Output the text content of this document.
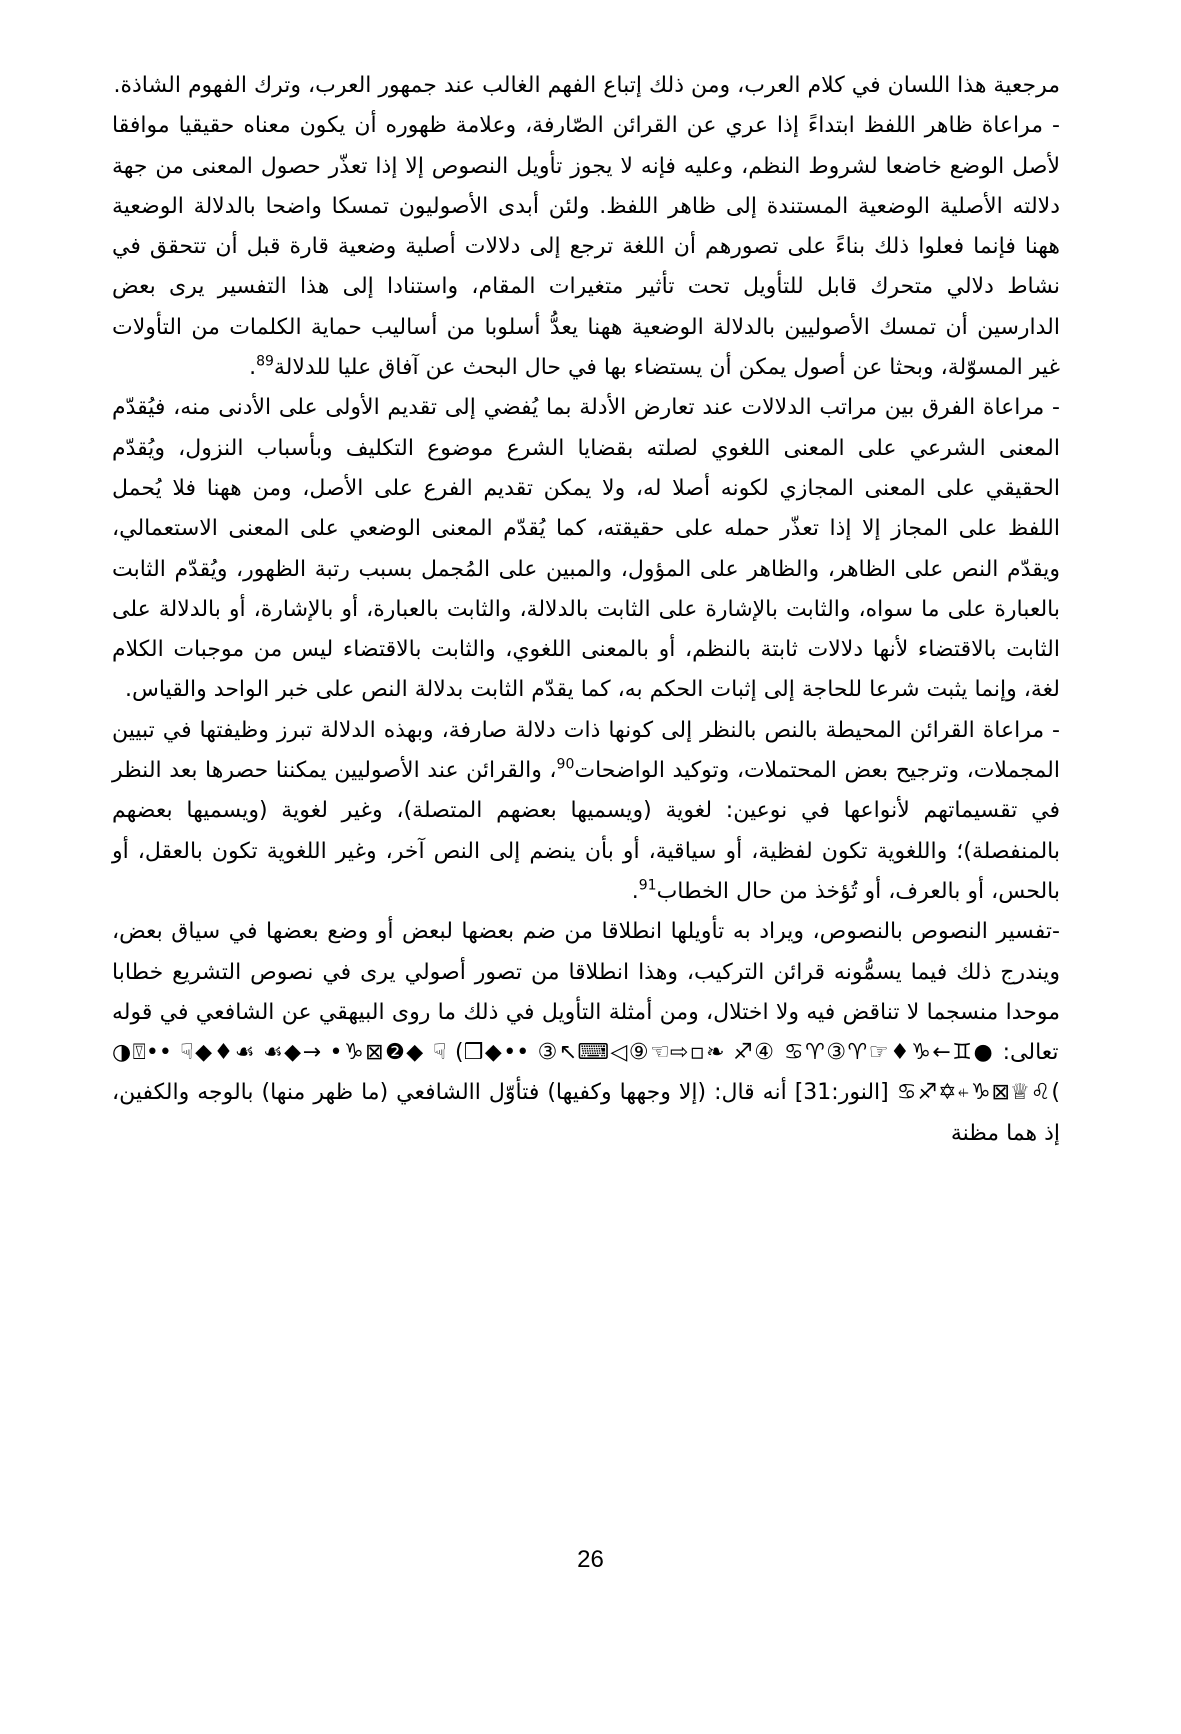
مرجعية هذا اللسان في كلام العرب، ومن ذلك إتباع الفهم الغالب عند جمهور العرب، وترك الفهوم الشاذة.

- مراعاة ظاهر اللفظ ابتداءً إذا عري عن القرائن الصّارفة، وعلامة ظهوره أن يكون معناه حقيقيا موافقا لأصل الوضع خاضعا لشروط النظم، وعليه فإنه لا يجوز تأويل النصوص إلا إذا تعذّر حصول المعنى من جهة دلالته الأصلية الوضعية المستندة إلى ظاهر اللفظ. ولئن أبدى الأصوليون تمسكا واضحا بالدلالة الوضعية ههنا فإنما فعلوا ذلك بناءً على تصورهم أن اللغة ترجع إلى دلالات أصلية وضعية قارة قبل أن تتحقق في نشاط دلالي متحرك قابل للتأويل تحت تأثير متغيرات المقام، واستنادا إلى هذا التفسير يرى بعض الدارسين أن تمسك الأصوليين بالدلالة الوضعية ههنا يعدُّ أسلوبا من أساليب حماية الكلمات من التأولات غير المسوّلة، وبحثا عن أصول يمكن أن يستضاء بها في حال البحث عن آفاق عليا للدلالة$^{89}$.

- مراعاة الفرق بين مراتب الدلالات عند تعارض الأدلة بما يُفضي إلى تقديم الأولى على الأدنى منه، فيُقدّم المعنى الشرعي على المعنى اللغوي لصلته بقضايا الشرع موضوع التكليف وبأسباب النزول، ويُقدّم الحقيقي على المعنى المجازي لكونه أصلا له، ولا يمكن تقديم الفرع على الأصل، ومن ههنا فلا يُحمل اللفظ على المجاز إلا إذا تعذّر حمله على حقيقته، كما يُقدّم المعنى الوضعي على المعنى الاستعمالي، ويقدّم النص على الظاهر، والظاهر على المؤول، والمبين على المُجمل بسبب رتبة الظهور، ويُقدّم الثابت بالعبارة على ما سواه، والثابت بالإشارة على الثابت بالدلالة، والثابت بالعبارة، أو بالإشارة، أو بالدلالة على الثابت بالاقتضاء لأنها دلالات ثابتة بالنظم، أو بالمعنى اللغوي، والثابت بالاقتضاء ليس من موجبات الكلام لغة، وإنما يثبت شرعا للحاجة إلى إثبات الحكم به، كما يقدّم الثابت بدلالة النص على خبر الواحد والقياس.

- مراعاة القرائن المحيطة بالنص بالنظر إلى كونها ذات دلالة صارفة، وبهذه الدلالة تبرز وظيفتها في تبيين المجملات، وترجيح بعض المحتملات، وتوكيد الواضحات$^{90}$، والقرائن عند الأصوليين يمكننا حصرها بعد النظر في تقسيماتهم لأنواعها في نوعين: لغوية (ويسميها بعضهم المتصلة)، وغير لغوية (ويسميها بعضهم بالمنفصلة)؛ واللغوية تكون لفظية، أو سياقية، أو بأن ينضم إلى النص آخر، وغير اللغوية تكون بالعقل، أو بالحس، أو بالعرف، أو تُؤخذ من حال الخطاب$^{91}$.

-تفسير النصوص بالنصوص، ويراد به تأويلها انطلاقا من ضم بعضها لبعض أو وضع بعضها في سياق بعض، ويندرج ذلك فيما يسمُّونه قرائن التركيب، وهذا انطلاقا من تصور أصولي يرى في نصوص التشريع خطابا موحدا منسجما لا تناقض فيه ولا اختلال، ومن أمثلة التأويل في ذلك ما روى البيهقي عن الشافعي في قوله تعالى: (❒◆•• ③↖⌨◁⑨☜⇨▫❧ ♐④ ♋♈③♈☞♦♑←♊● ◑⍔•• ☟◆♦☙ ☙◆→ •♑⊠❷◆ ☟♋♐✡⍅♑⊠♕♌( [النور:31] أنه قال: (إلا وجهها وكفيها) فتأوّل االشافعي (ما ظهر منها) بالوجه والكفين، إذ هما مظنة

26
